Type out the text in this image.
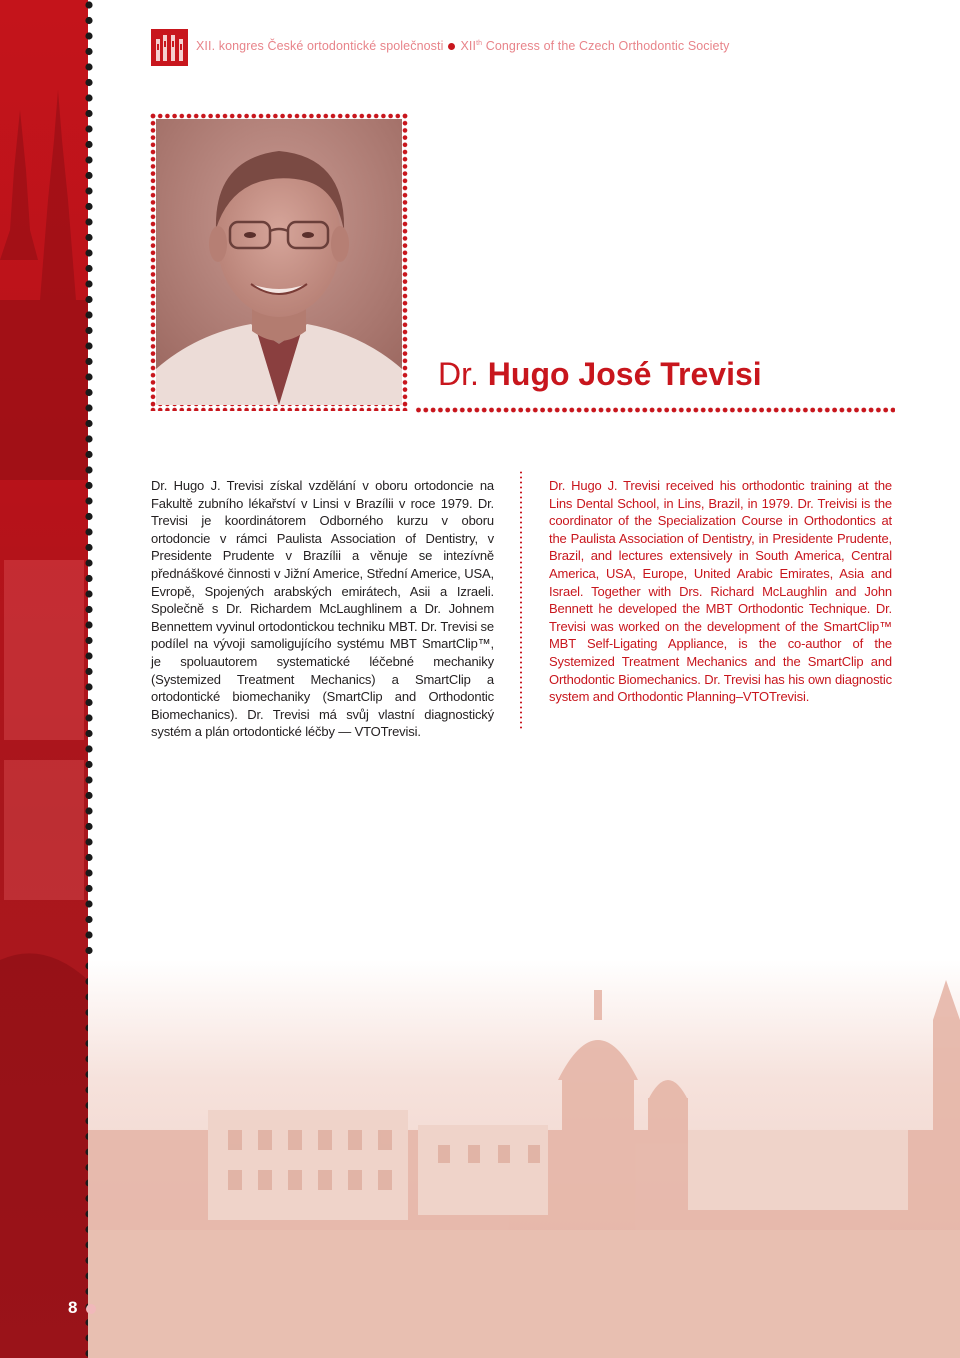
XII. kongres České ortodontické společnosti XIIth Congress of the Czech Orthodontic Society
Dr. Hugo José Trevisi
Dr. Hugo J. Trevisi získal vzdělání v oboru ortodoncie na Fakultě zubního lékařství v Linsi v Brazílii v roce 1979. Dr. Trevisi je koordinátorem Odborného kurzu v oboru ortodoncie v rámci Paulista Association of Dentistry, v Presidente Prudente v Brazílii a věnuje se intezívně přednáškové činnosti v Jižní Americe, Střední Americe, USA, Evropě, Spojených arabských emirátech, Asii a Izraeli. Společně s Dr. Richardem McLaughlinem a Dr. Johnem Bennettem vyvinul ortodontickou techniku MBT. Dr. Trevisi se podílel na vývoji samoligujícího systému MBT SmartClip™, je spoluautorem systematické léčebné mechaniky (Systemized Treatment Mechanics) a SmartClip a ortodontické biomechaniky (SmartClip and Orthodontic Biomechanics). Dr. Trevisi má svůj vlastní diagnostický systém a plán ortodontické léčby — VTOTrevisi.
Dr. Hugo J. Trevisi received his orthodontic training at the Lins Dental School, in Lins, Brazil, in 1979. Dr. Treivisi is the coordinator of the Specialization Course in Orthodontics at the Paulista Association of Dentistry, in Presidente Prudente, Brazil, and lectures extensively in South America, Central America, USA, Europe, United Arabic Emirates, Asia and Israel. Together with Drs. Richard McLaughlin and John Bennett he developed the MBT Orthodontic Technique. Dr. Trevisi was worked on the development of the SmartClip™ MBT Self-Ligating Appliance, is the co-author of the Systemized Treatment Mechanics and the SmartClip and Orthodontic Biomechanics. Dr. Trevisi has his own diagnostic system and Orthodontic Planning–VTOTrevisi.
8
